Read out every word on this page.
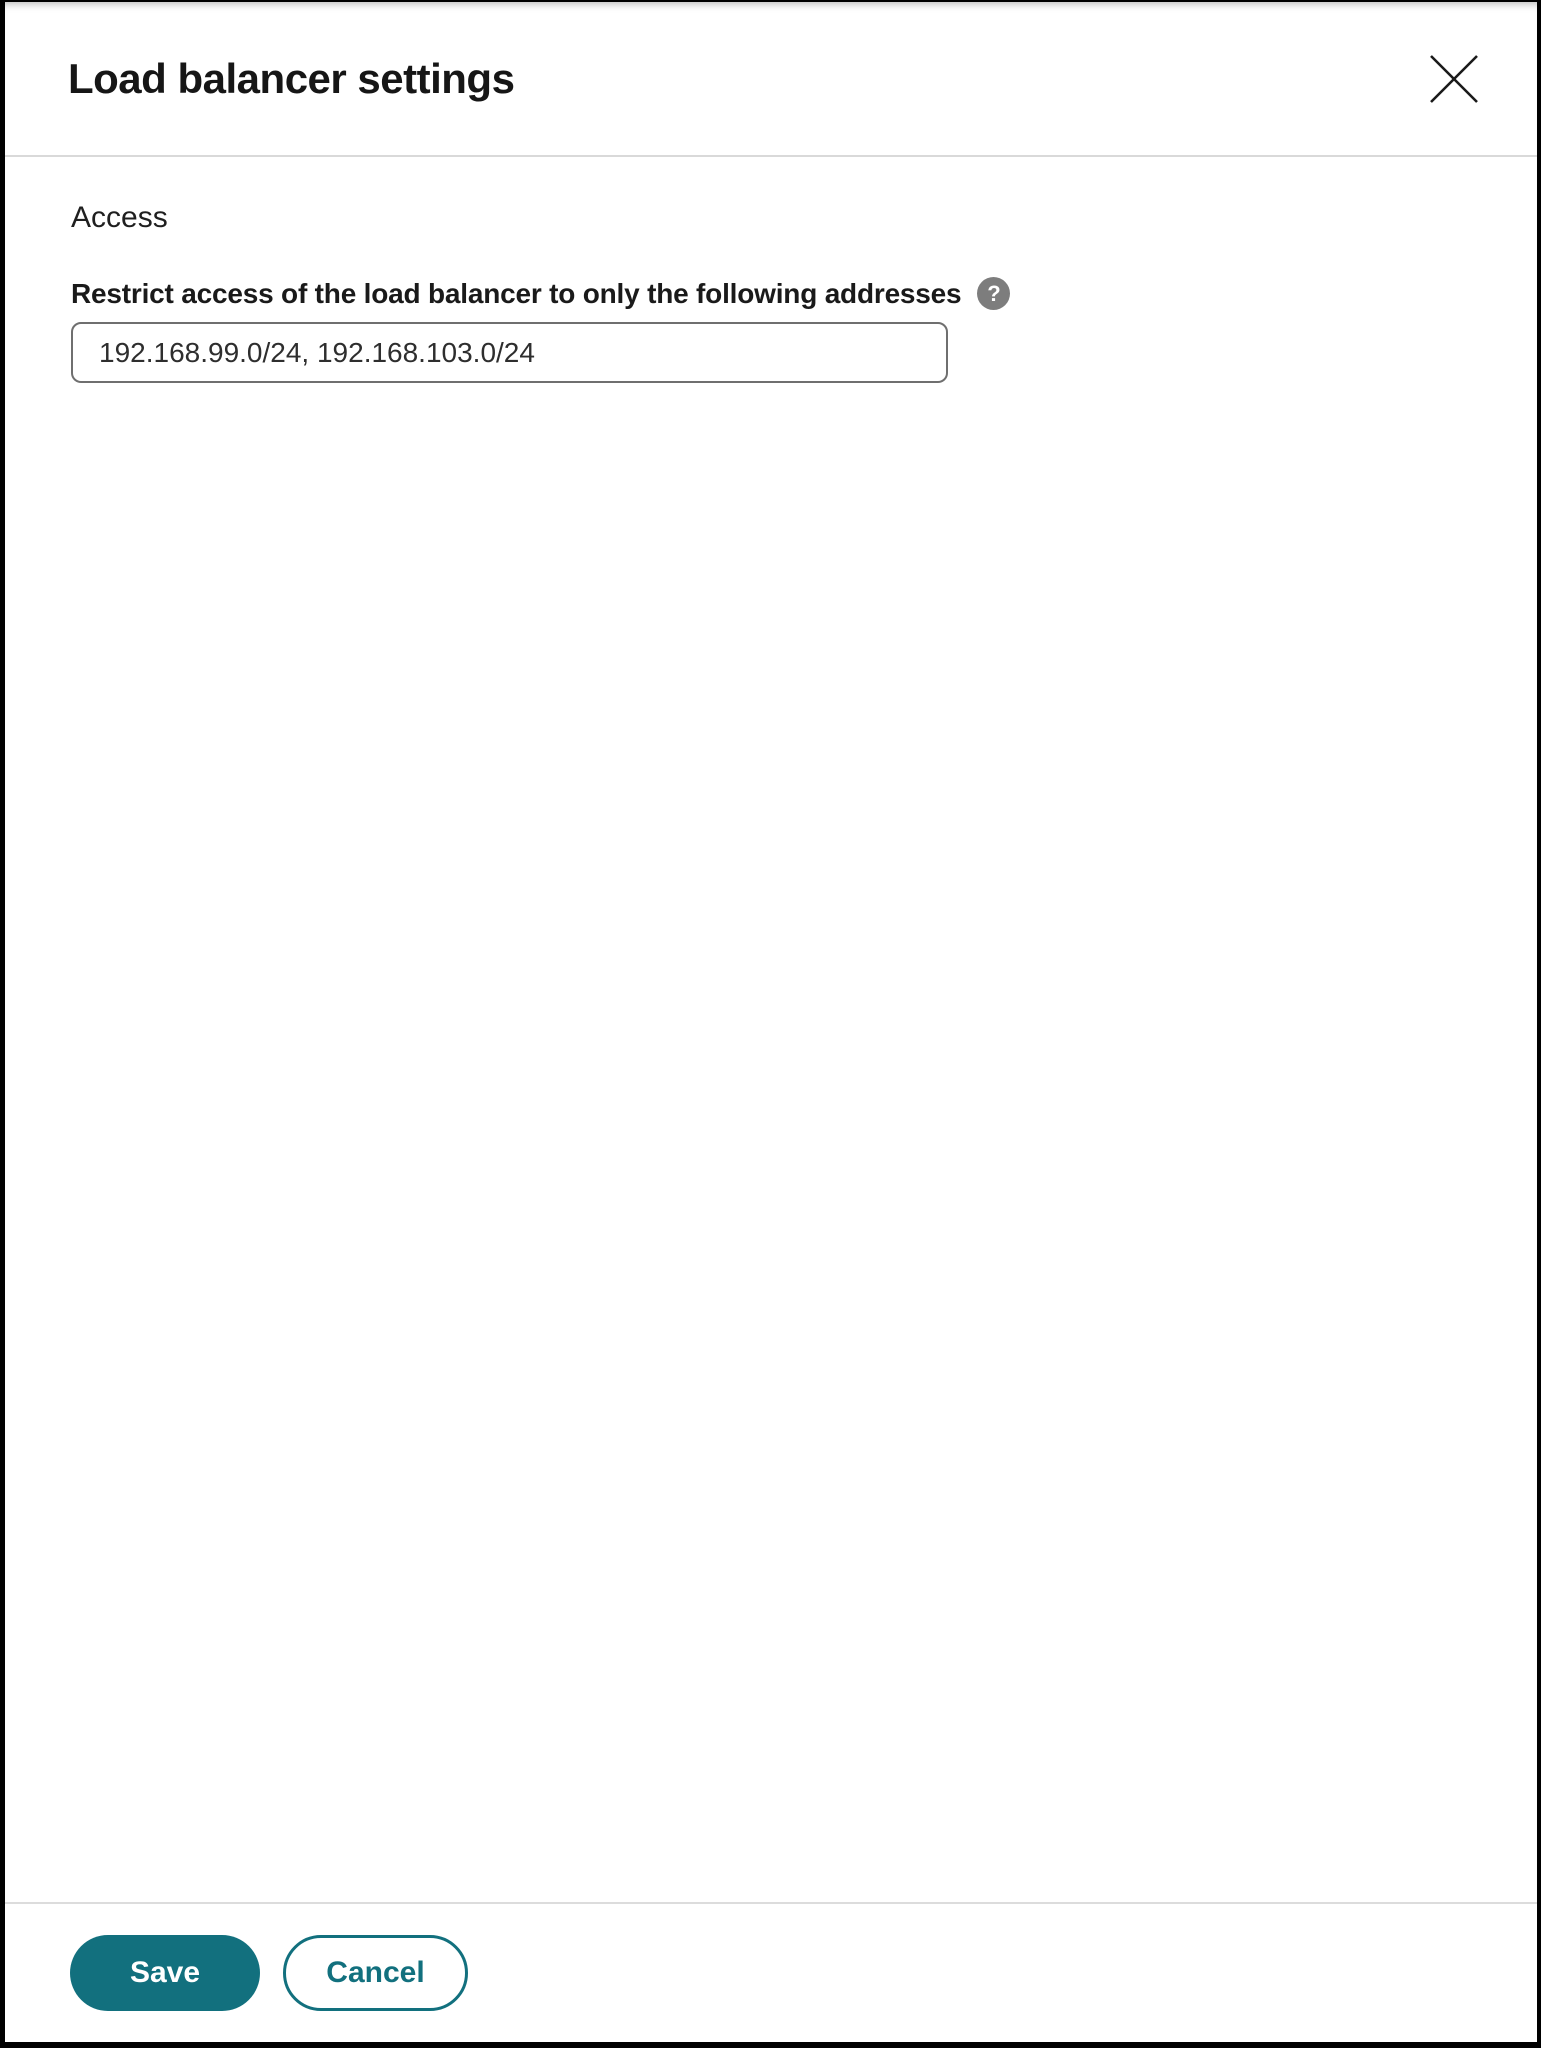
Load balancer settings
Access
Restrict access of the load balancer to only the following addresses	?
192.168.99.0/24, 192.168.103.0/24
Save	Cancel
